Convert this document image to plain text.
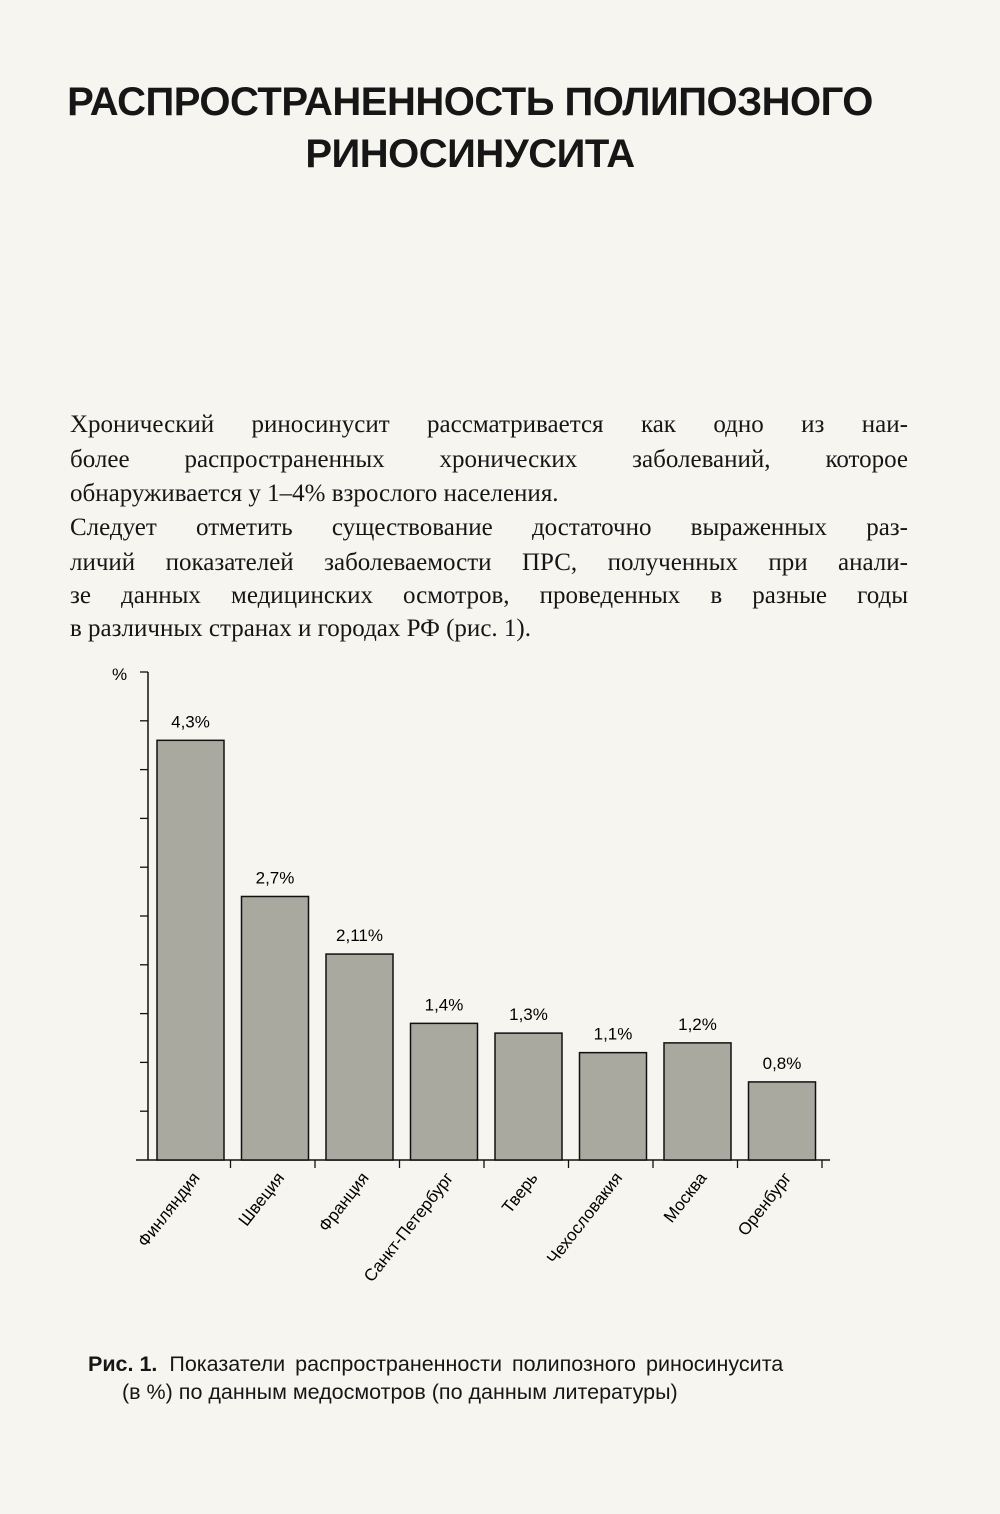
РАСПРОСТРАНЕННОСТЬ ПОЛИПОЗНОГО
РИНОСИНУСИТА
Хронический риносинусит рассматривается как одно из наи-
более распространенных хронических заболеваний, которое
обнаруживается у 1–4% взрослого населения.
Следует отметить существование достаточно выраженных раз-
личий показателей заболеваемости ПРС, полученных при анали-
зе данных медицинских осмотров, проведенных в разные годы
в различных странах и городах РФ (рис. 1).
%
4,3%
Финляндия
2,7%
Швеция
2,11%
Франция
1,4%
Санкт-Петербург
1,3%
Тверь
1,1%
Чехословакия
1,2%
Москва
0,8%
Оренбург
Рис. 1. Показатели распространенности полипозного риносинусита
(в %) по данным медосмотров (по данным литературы)
